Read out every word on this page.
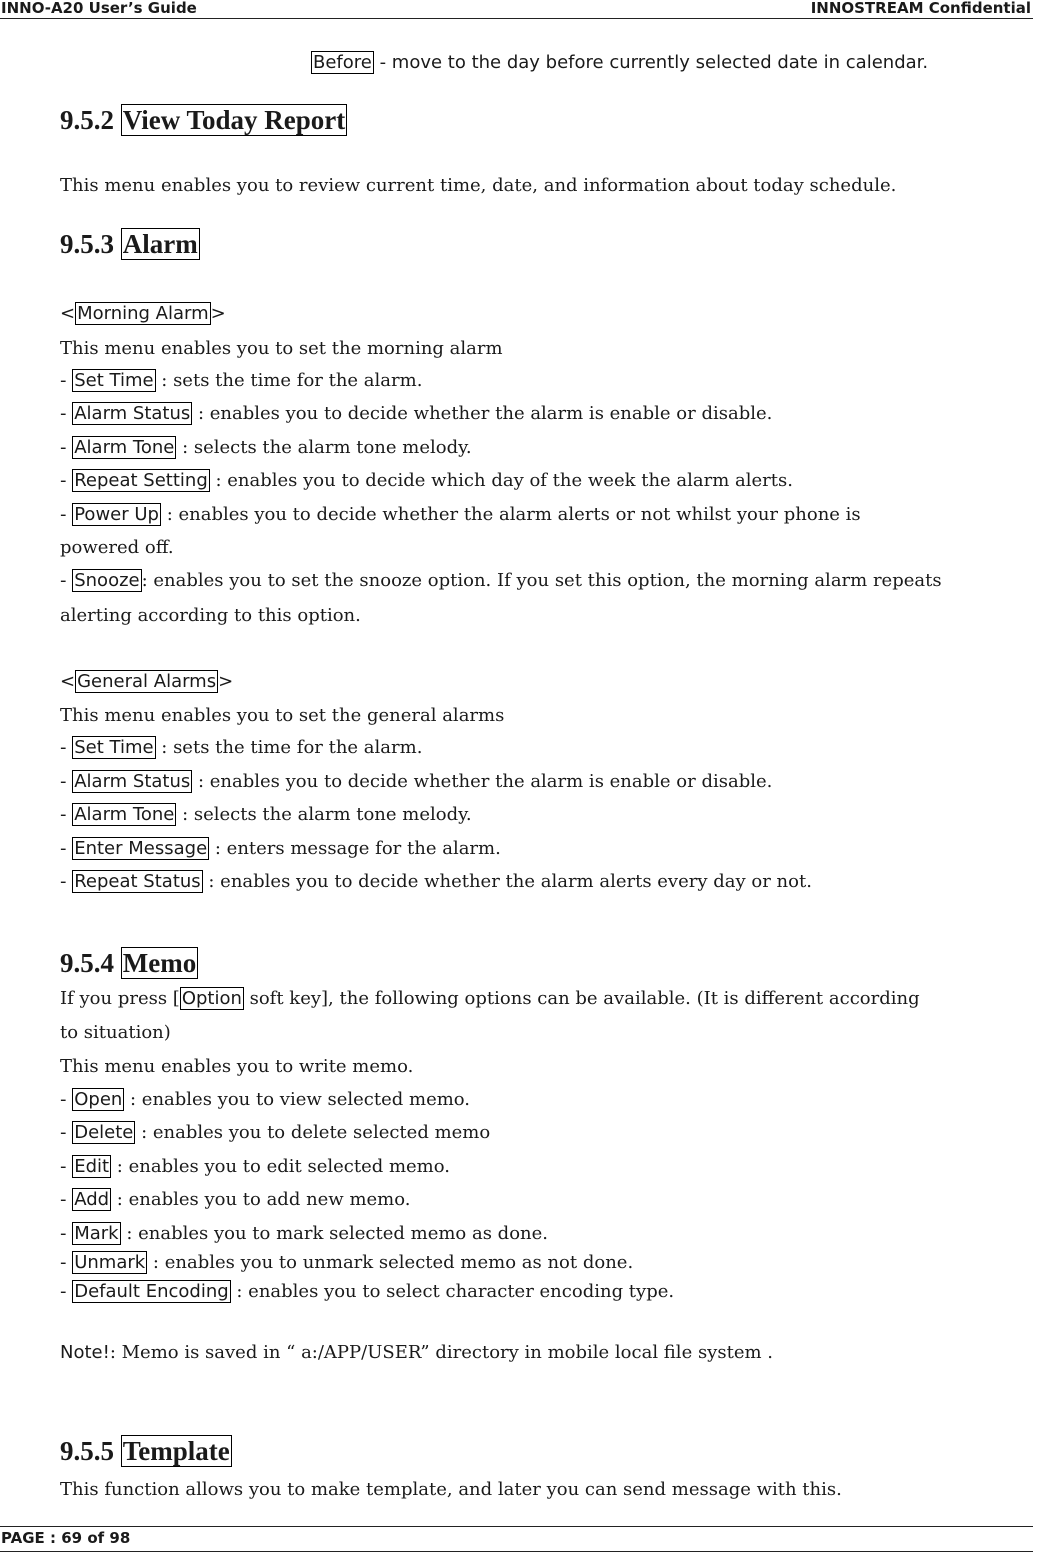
INNO-A20 User’s Guide	INNOSTREAM Confidential
Before - move to the day before currently selected date in calendar.
9.5.2 View Today Report
This menu enables you to review current time, date, and information about today schedule.
9.5.3 Alarm
< Morning Alarm >
This menu enables you to set the morning alarm
- Set Time : sets the time for the alarm.
- Alarm Status : enables you to decide whether the alarm is enable or disable.
- Alarm Tone : selects the alarm tone melody.
- Repeat Setting : enables you to decide which day of the week the alarm alerts.
- Power Up : enables you to decide whether the alarm alerts or not whilst your phone is
powered off.
- Snooze : enables you to set the snooze option. If you set this option, the morning alarm repeats
alerting according to this option.
< General Alarms >
This menu enables you to set the general alarms
- Set Time : sets the time for the alarm.
- Alarm Status : enables you to decide whether the alarm is enable or disable.
- Alarm Tone : selects the alarm tone melody.
- Enter Message : enters message for the alarm.
- Repeat Status : enables you to decide whether the alarm alerts every day or not.
9.5.4 Memo
If you press [ Option soft key], the following options can be available. (It is different according
to situation)
This menu enables you to write memo.
- Open : enables you to view selected memo.
- Delete : enables you to delete selected memo
- Edit : enables you to edit selected memo.
- Add : enables you to add new memo.
- Mark : enables you to mark selected memo as done.
- Unmark : enables you to unmark selected memo as not done.
- Default Encoding : enables you to select character encoding type.
Note!: Memo is saved in “ a:/APP/USER” directory in mobile local file system .
9.5.5 Template
This function allows you to make template, and later you can send message with this.
PAGE : 69 of 98
